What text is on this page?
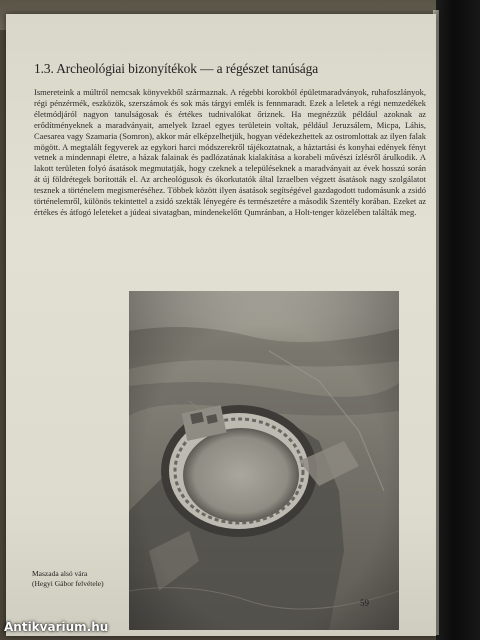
1.3. Archeológiai bizonyítékok — a régészet tanúsága

Ismereteink a múltról nemcsak könyvekből származnak. A régebbi korokból épületmaradványok, ruhafoszlányok, régi pénzérmék, eszközök, szerszámok és sok más tárgyi emlék is fennmaradt. Ezek a leletek a régi nemzedékek életmódjáról nagyon tanulságosak és értékes tudnivalókat őriznek. Ha megnézzük például azoknak az erődítményeknek a maradványait, amelyek Izrael egyes területein voltak, például Jeruzsálem, Micpa, Láhis, Caesarea vagy Szamaria (Somron), akkor már elképzelhetjük, hogyan védekezhettek az ostromlottak az ilyen falak mögött. A megtalált fegyverek az egykori harci módszerekről tájékoztatnak, a háztartási és konyhai edények fényt vetnek a mindennapi életre, a házak falainak és padlózatának kialakítása a korabeli művészi ízlésről árulkodik. A lakott területen folyó ásatások megmutatják, hogy czeknek a településeknek a maradványait az évek hosszú során át új földrétegek borították el. Az archeológusok és ókorkutatók által Izraelben végzett ásatások nagy szolgálatot tesznek a történelem megismeréséhez. Többek között ilyen ásatások segítségével gazdagodott tudomásunk a zsidó történelemről, különös tekintettel a zsidó szekták lényegére és természetére a második Szentély korában. Ezeket az értékes és átfogó leleteket a júdeai sivatagban, mindenekelőtt Qumránban, a Holt-tenger közelében találták meg.

Maszada alsó vára
(Hegyi Gábor felvétele)
59
Antikvarium.hu
